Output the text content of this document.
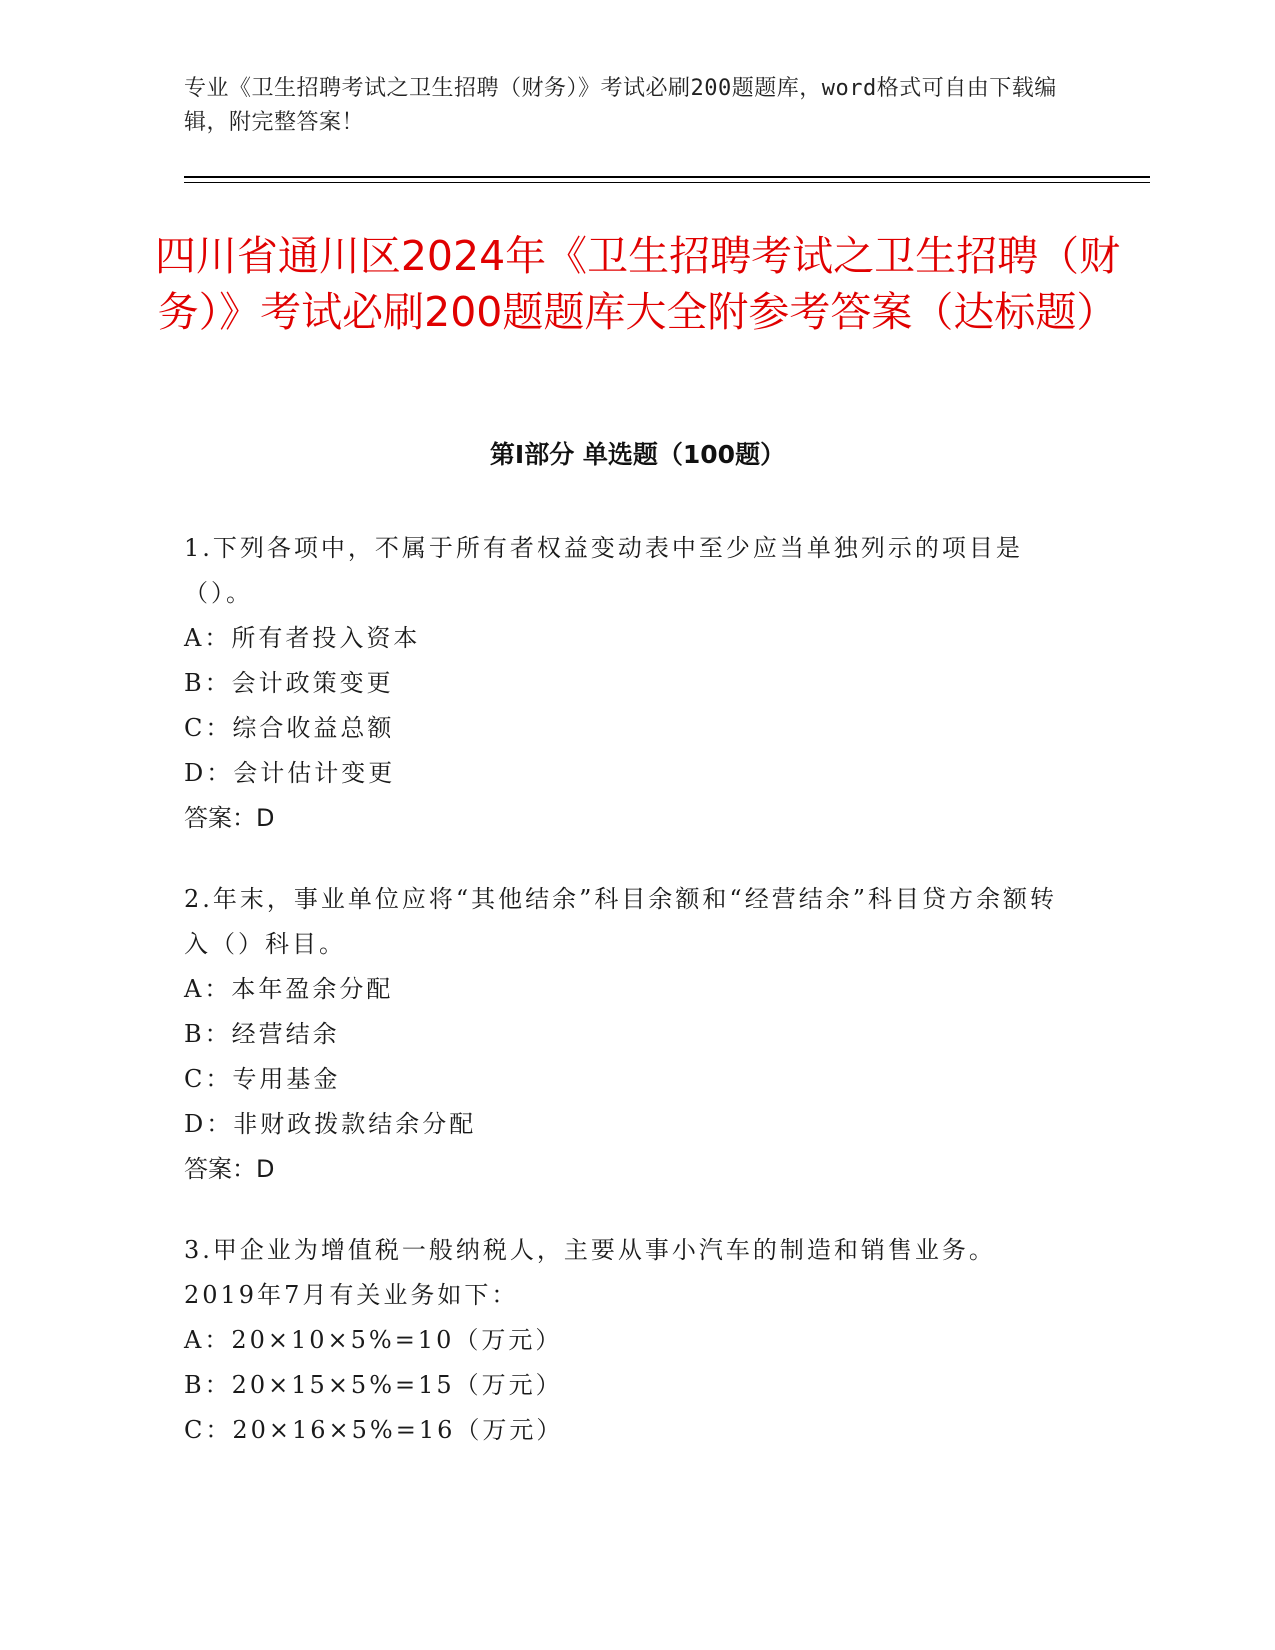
专业《卫生招聘考试之卫生招聘（财务）》考试必刷200题题库，word格式可自由下载编辑，附完整答案！
四川省通川区2024年《卫生招聘考试之卫生招聘（财务）》考试必刷200题题库大全附参考答案（达标题）
第Ⅰ部分 单选题（100题）

1.下列各项中，不属于所有者权益变动表中至少应当单独列示的项目是（）。

A：所有者投入资本

B：会计政策变更

C：综合收益总额

D：会计估计变更

答案：D

2.年末，事业单位应将“其他结余”科目余额和“经营结余”科目贷方余额转入（）科目。

A：本年盈余分配

B：经营结余

C：专用基金

D：非财政拨款结余分配

答案：D

3.甲企业为增值税一般纳税人，主要从事小汽车的制造和销售业务。2019年7月有关业务如下：

A：20×10×5%=10（万元）

B：20×15×5%=15（万元）

C：20×16×5%=16（万元）
